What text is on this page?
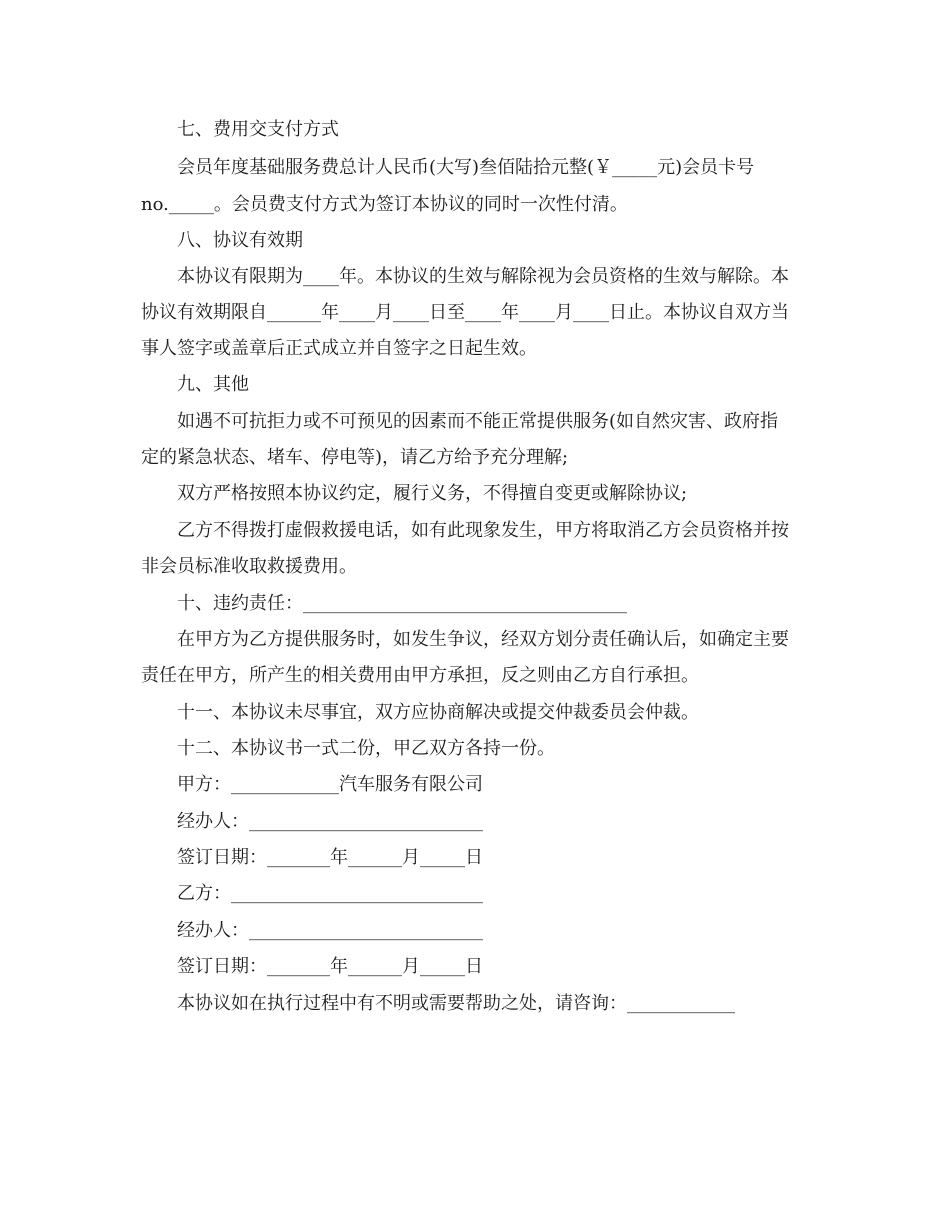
七、费用交支付方式
会员年度基础服务费总计人民币(大写)叁佰陆拾元整(￥_____元)会员卡号
no._____。会员费支付方式为签订本协议的同时一次性付清。
八、协议有效期
本协议有限期为____年。本协议的生效与解除视为会员资格的生效与解除。本
协议有效期限自______年____月____日至____年____月____日止。本协议自双方当
事人签字或盖章后正式成立并自签字之日起生效。
九、其他
如遇不可抗拒力或不可预见的因素而不能正常提供服务(如自然灾害、政府指
定的紧急状态、堵车、停电等)，请乙方给予充分理解;
双方严格按照本协议约定，履行义务，不得擅自变更或解除协议;
乙方不得拨打虚假救援电话，如有此现象发生，甲方将取消乙方会员资格并按
非会员标准收取救援费用。
十、违约责任：____________________________________
在甲方为乙方提供服务时，如发生争议，经双方划分责任确认后，如确定主要
责任在甲方，所产生的相关费用由甲方承担，反之则由乙方自行承担。
十一、本协议未尽事宜，双方应协商解决或提交仲裁委员会仲裁。
十二、本协议书一式二份，甲乙双方各持一份。
甲方：____________汽车服务有限公司
经办人：__________________________
签订日期：_______年______月_____日
乙方：____________________________
经办人：__________________________
签订日期：_______年______月_____日
本协议如在执行过程中有不明或需要帮助之处，请咨询：____________
